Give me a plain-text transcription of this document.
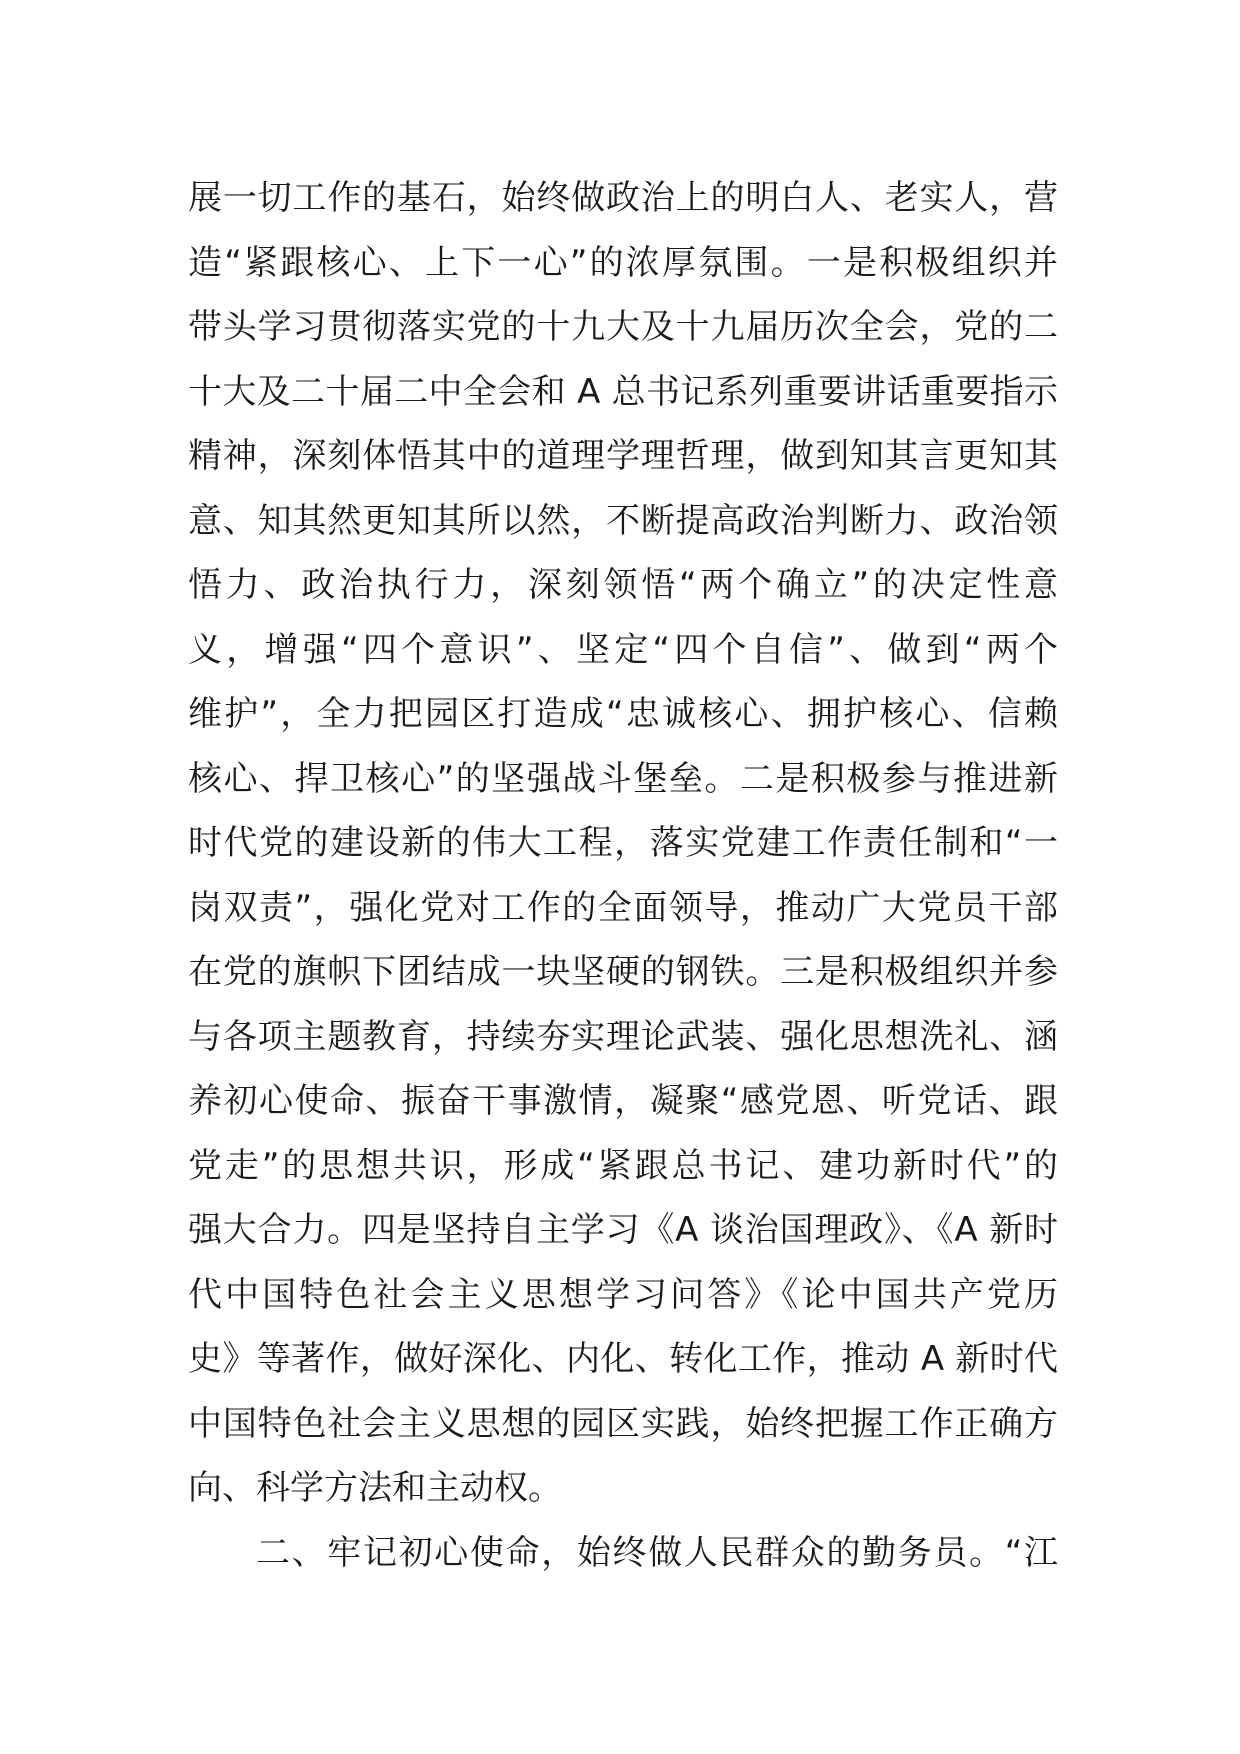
展一切工作的基石，始终做政治上的明白人、老实人，营
造“紧跟核心、上下一心”的浓厚氛围。一是积极组织并
带头学习贯彻落实党的十九大及十九届历次全会，党的二
十大及二十届二中全会和 A 总书记系列重要讲话重要指示
精神，深刻体悟其中的道理学理哲理，做到知其言更知其
意、知其然更知其所以然，不断提高政治判断力、政治领
悟力、政治执行力，深刻领悟“两个确立”的决定性意
义，增强“四个意识”、坚定“四个自信”、做到“两个
维护”，全力把园区打造成“忠诚核心、拥护核心、信赖
核心、捍卫核心”的坚强战斗堡垒。二是积极参与推进新
时代党的建设新的伟大工程，落实党建工作责任制和“一
岗双责”，强化党对工作的全面领导，推动广大党员干部
在党的旗帜下团结成一块坚硬的钢铁。三是积极组织并参
与各项主题教育，持续夯实理论武装、强化思想洗礼、涵
养初心使命、振奋干事激情，凝聚“感党恩、听党话、跟
党走”的思想共识，形成“紧跟总书记、建功新时代”的
强大合力。四是坚持自主学习《A 谈治国理政》、《A 新时
代中国特色社会主义思想学习问答》《论中国共产党历
史》等著作，做好深化、内化、转化工作，推动 A 新时代
中国特色社会主义思想的园区实践，始终把握工作正确方
向、科学方法和主动权。
二、牢记初心使命，始终做人民群众的勤务员。“江
